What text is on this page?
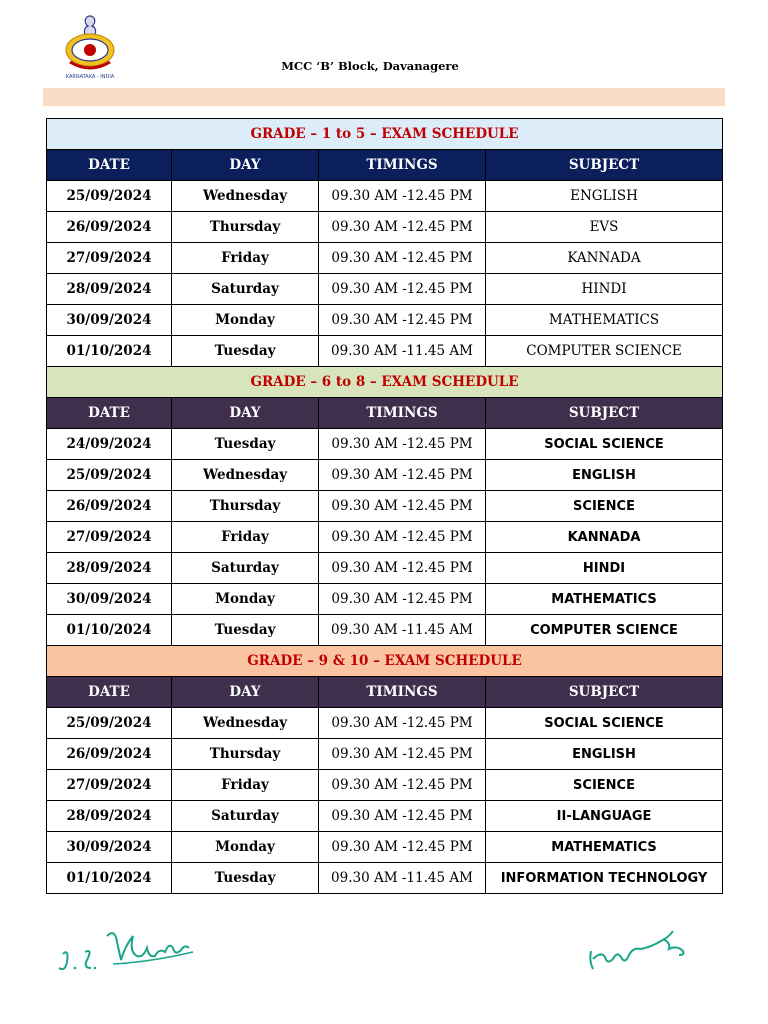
KARNATAKA - INDIA
MCC ‘B’ Block, Davanagere
GRADE – 1 to 5 – EXAM SCHEDULE			
DATE	DAY	TIMINGS	SUBJECT
25/09/2024	Wednesday	09.30 AM -12.45 PM	ENGLISH
26/09/2024	Thursday	09.30 AM -12.45 PM	EVS
27/09/2024	Friday	09.30 AM -12.45 PM	KANNADA
28/09/2024	Saturday	09.30 AM -12.45 PM	HINDI
30/09/2024	Monday	09.30 AM -12.45 PM	MATHEMATICS
01/10/2024	Tuesday	09.30 AM -11.45 AM	COMPUTER SCIENCE
GRADE – 6 to 8 – EXAM SCHEDULE			
DATE	DAY	TIMINGS	SUBJECT
24/09/2024	Tuesday	09.30 AM -12.45 PM	SOCIAL SCIENCE
25/09/2024	Wednesday	09.30 AM -12.45 PM	ENGLISH
26/09/2024	Thursday	09.30 AM -12.45 PM	SCIENCE
27/09/2024	Friday	09.30 AM -12.45 PM	KANNADA
28/09/2024	Saturday	09.30 AM -12.45 PM	HINDI
30/09/2024	Monday	09.30 AM -12.45 PM	MATHEMATICS
01/10/2024	Tuesday	09.30 AM -11.45 AM	COMPUTER SCIENCE
GRADE – 9 & 10 – EXAM SCHEDULE			
DATE	DAY	TIMINGS	SUBJECT
25/09/2024	Wednesday	09.30 AM -12.45 PM	SOCIAL SCIENCE
26/09/2024	Thursday	09.30 AM -12.45 PM	ENGLISH
27/09/2024	Friday	09.30 AM -12.45 PM	SCIENCE
28/09/2024	Saturday	09.30 AM -12.45 PM	II-LANGUAGE
30/09/2024	Monday	09.30 AM -12.45 PM	MATHEMATICS
01/10/2024	Tuesday	09.30 AM -11.45 AM	INFORMATION TECHNOLOGY
